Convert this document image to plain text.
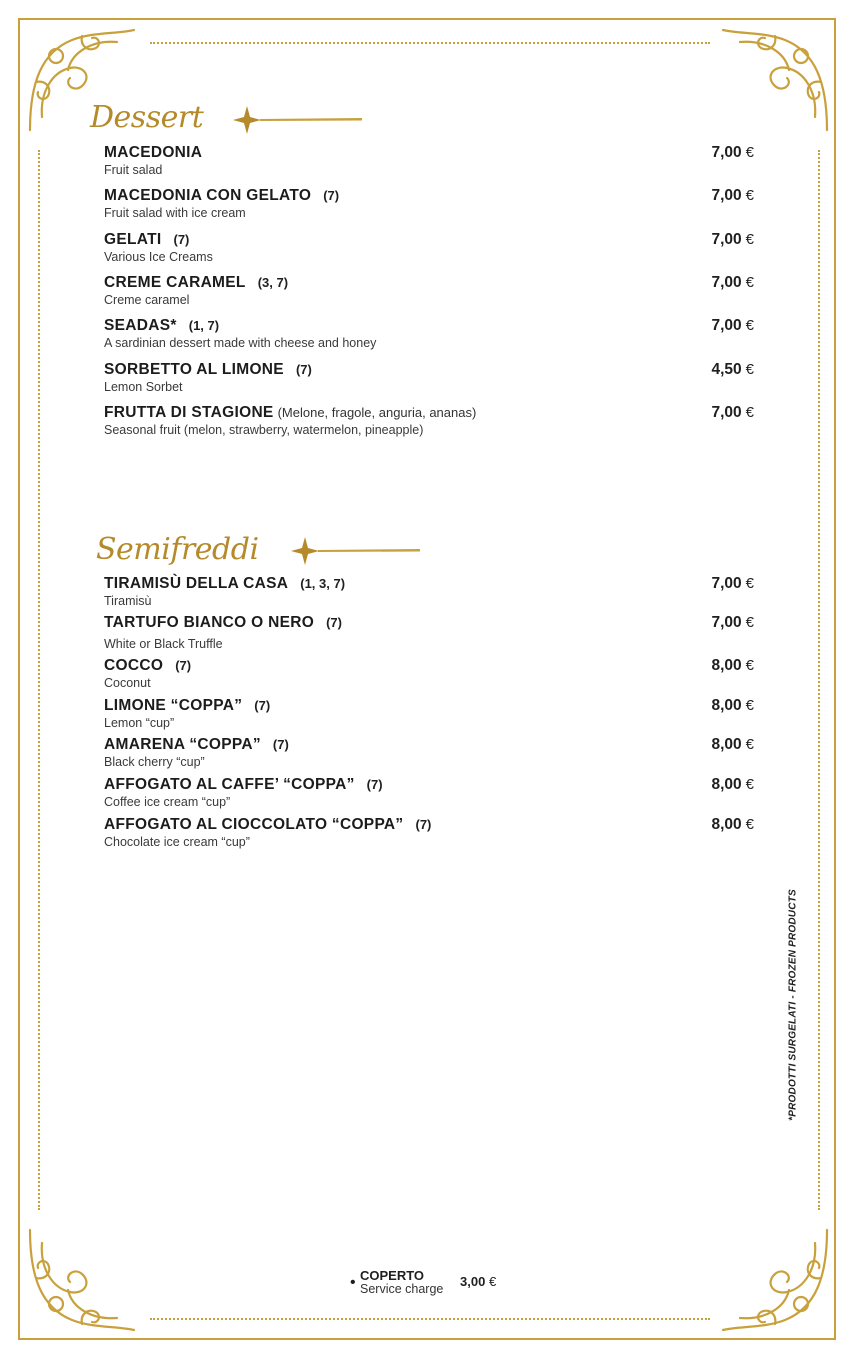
Dessert
MACEDONIA
Fruit salad
7,00 €
MACEDONIA CON GELATO (7)
Fruit salad with ice cream
7,00 €
GELATI (7)
Various Ice Creams
7,00 €
CREME CARAMEL (3, 7)
Creme caramel
7,00 €
SEADAS* (1, 7)
A sardinian dessert made with cheese and honey
7,00 €
SORBETTO AL LIMONE (7)
Lemon Sorbet
4,50 €
FRUTTA DI STAGIONE (Melone, fragole, anguria, ananas)
Seasonal fruit (melon, strawberry, watermelon, pineapple)
7,00 €
Semifreddi
TIRAMISÙ DELLA CASA (1, 3, 7)
Tiramisù
7,00 €
TARTUFO BIANCO O NERO (7)
White or Black Truffle
7,00 €
COCCO (7)
Coconut
8,00 €
LIMONE “COPPA” (7)
Lemon “cup”
8,00 €
AMARENA “COPPA” (7)
Black cherry “cup”
8,00 €
AFFOGATO AL CAFFE’ “COPPA” (7)
Coffee ice cream “cup”
8,00 €
AFFOGATO AL CIOCCOLATO “COPPA” (7)
Chocolate ice cream “cup”
8,00 €
*PRODOTTI SURGELATI - FROZEN PRODUCTS
• COPERTO
Service charge 3,00 €
